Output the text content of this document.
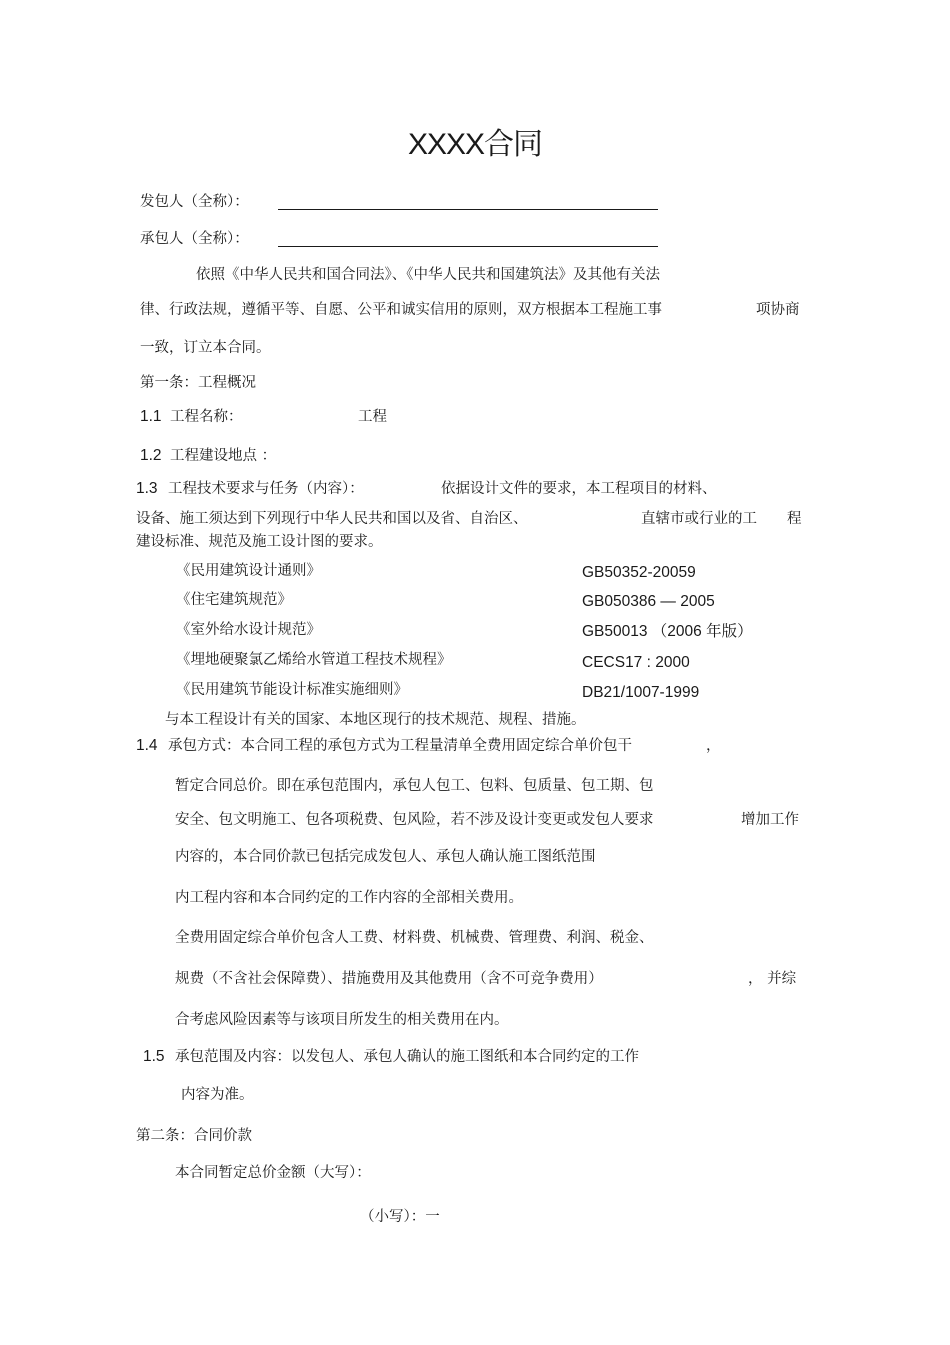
XXXX合同
发包人（全称）：
承包人（全称）：
依照《中华人民共和国合同法》、《中华人民共和国建筑法》及其他有关法
律、行政法规，遵循平等、自愿、公平和诚实信用的原则，双方根据本工程施工事	项协商
一致，订立本合同。
第一条：工程概况
1.1 工程名称：	工程
1.2 工程建设地点 ：
1.3 工程技术要求与任务（内容）：	依据设计文件的要求，本工程项目的材料、
设备、施工须达到下列现行中华人民共和国以及省、自治区、	直辖市或行业的工 程
建设标准、规范及施工设计图的要求。
《民用建筑设计通则》	GB50352-20059
《住宅建筑规范》	GB050386 — 2005
《室外给水设计规范》	GB50013 （2006 年版）
《埋地硬聚氯乙烯给水管道工程技术规程》	CECS17 : 2000
《民用建筑节能设计标准实施细则》	DB21/1007-1999
与本工程设计有关的国家、本地区现行的技术规范、规程、措施。
1.4 承包方式：本合同工程的承包方式为工程量清单全费用固定综合单价包干	，
暂定合同总价。即在承包范围内，承包人包工、包料、包质量、包工期、包
安全、包文明施工、包各项税费、包风险，若不涉及设计变更或发包人要求	增加工作
内容的，本合同价款已包括完成发包人、承包人确认施工图纸范围
内工程内容和本合同约定的工作内容的全部相关费用。
全费用固定综合单价包含人工费、材料费、机械费、管理费、利润、税金、
规费（不含社会保障费）、措施费用及其他费用（含不可竞争费用）	， 并综
合考虑风险因素等与该项目所发生的相关费用在内。
1.5 承包范围及内容：以发包人、承包人确认的施工图纸和本合同约定的工作
内容为准。
第二条：合同价款
本合同暂定总价金额（大写）：
（小写）：一
